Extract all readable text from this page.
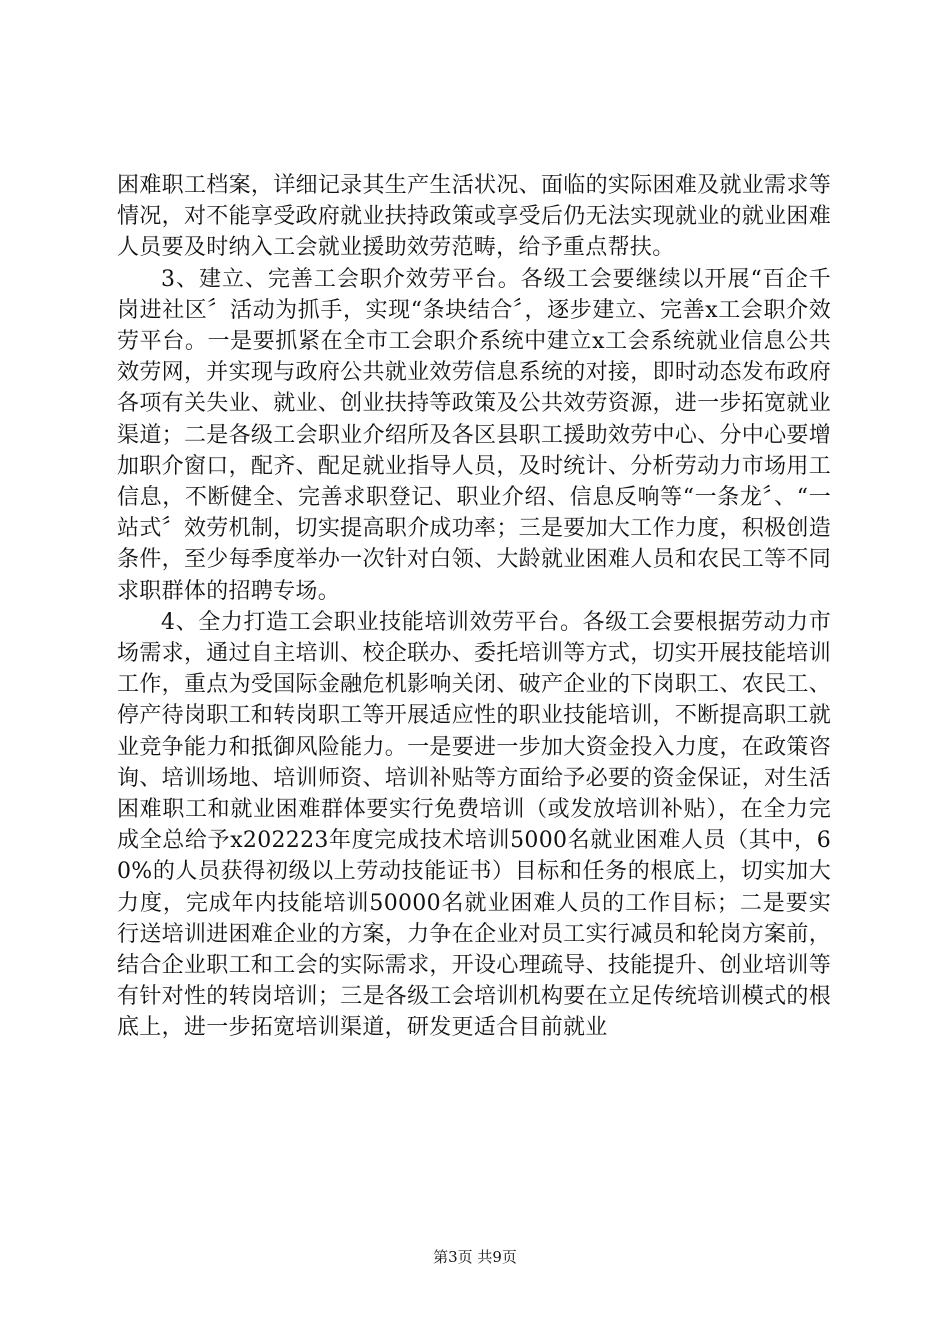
困难职工档案，详细记录其生产生活状况、面临的实际困难及就业需求等情况，对不能享受政府就业扶持政策或享受后仍无法实现就业的就业困难人员要及时纳入工会就业援助效劳范畴，给予重点帮扶。

3、建立、完善工会职介效劳平台。各级工会要继续以开展“百企千岗进社区〞活动为抓手，实现“条块结合〞，逐步建立、完善x工会职介效劳平台。一是要抓紧在全市工会职介系统中建立x工会系统就业信息公共效劳网，并实现与政府公共就业效劳信息系统的对接，即时动态发布政府各项有关失业、就业、创业扶持等政策及公共效劳资源，进一步拓宽就业渠道；二是各级工会职业介绍所及各区县职工援助效劳中心、分中心要增加职介窗口，配齐、配足就业指导人员，及时统计、分析劳动力市场用工信息，不断健全、完善求职登记、职业介绍、信息反响等“一条龙〞、“一站式〞效劳机制，切实提高职介成功率；三是要加大工作力度，积极创造条件，至少每季度举办一次针对白领、大龄就业困难人员和农民工等不同求职群体的招聘专场。

4、全力打造工会职业技能培训效劳平台。各级工会要根据劳动力市场需求，通过自主培训、校企联办、委托培训等方式，切实开展技能培训工作，重点为受国际金融危机影响关闭、破产企业的下岗职工、农民工、停产待岗职工和转岗职工等开展适应性的职业技能培训，不断提高职工就业竞争能力和抵御风险能力。一是要进一步加大资金投入力度，在政策咨询、培训场地、培训师资、培训补贴等方面给予必要的资金保证，对生活困难职工和就业困难群体要实行免费培训（或发放培训补贴），在全力完成全总给予x202223年度完成技术培训5000名就业困难人员（其中，60%的人员获得初级以上劳动技能证书）目标和任务的根底上，切实加大力度，完成年内技能培训50000名就业困难人员的工作目标；二是要实行送培训进困难企业的方案，力争在企业对员工实行减员和轮岗方案前，结合企业职工和工会的实际需求，开设心理疏导、技能提升、创业培训等有针对性的转岗培训；三是各级工会培训机构要在立足传统培训模式的根底上，进一步拓宽培训渠道，研发更适合目前就业

第3页 共9页
